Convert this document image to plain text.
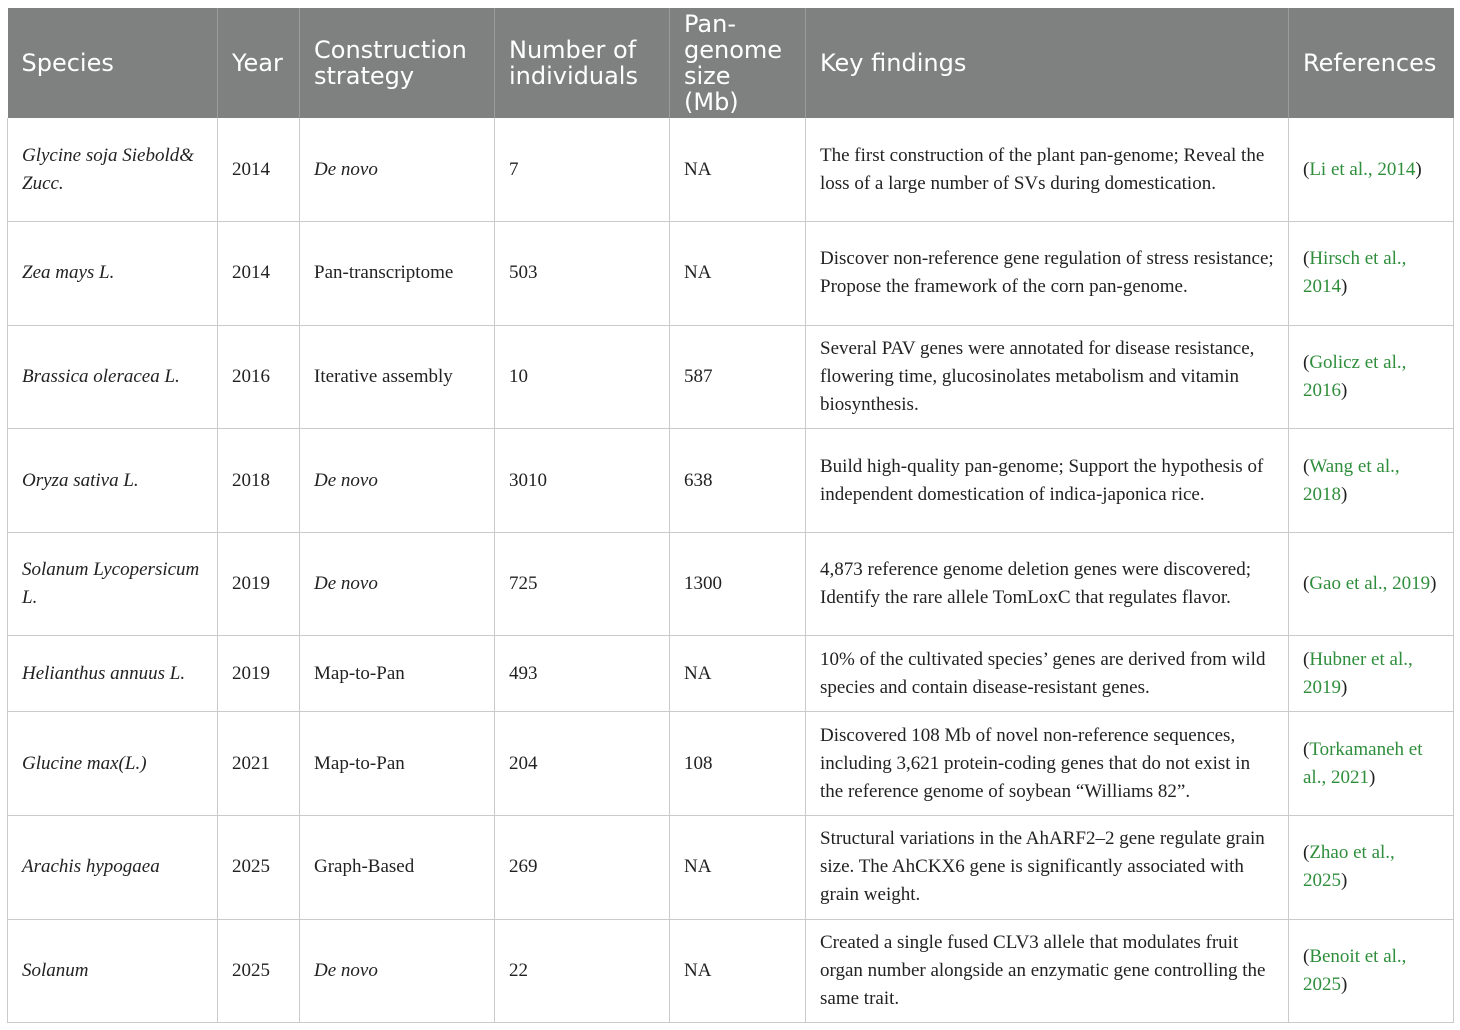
Species	Year	Construction strategy	Number of individuals	Pan-genome size (Mb)	Key findings	References
Glycine soja Siebold& Zucc.	2014	De novo	7	NA	The first construction of the plant pan-genome; Reveal the loss of a large number of SVs during domestication.	(Li et al., 2014)
Zea mays L.	2014	Pan-transcriptome	503	NA	Discover non-reference gene regulation of stress resistance; Propose the framework of the corn pan-genome.	(Hirsch et al., 2014)
Brassica oleracea L.	2016	Iterative assembly	10	587	Several PAV genes were annotated for disease resistance, flowering time, glucosinolates metabolism and vitamin biosynthesis.	(Golicz et al., 2016)
Oryza sativa L.	2018	De novo	3010	638	Build high-quality pan-genome; Support the hypothesis of independent domestication of indica-japonica rice.	(Wang et al., 2018)
Solanum Lycopersicum L.	2019	De novo	725	1300	4,873 reference genome deletion genes were discovered; Identify the rare allele TomLoxC that regulates flavor.	(Gao et al., 2019)
Helianthus annuus L.	2019	Map-to-Pan	493	NA	10% of the cultivated species’ genes are derived from wild species and contain disease-resistant genes.	(Hubner et al., 2019)
Glucine max(L.)	2021	Map-to-Pan	204	108	Discovered 108 Mb of novel non-reference sequences, including 3,621 protein-coding genes that do not exist in the reference genome of soybean “Williams 82”.	(Torkamaneh et al., 2021)
Arachis hypogaea	2025	Graph-Based	269	NA	Structural variations in the AhARF2–2 gene regulate grain size. The AhCKX6 gene is significantly associated with grain weight.	(Zhao et al., 2025)
Solanum	2025	De novo	22	NA	Created a single fused CLV3 allele that modulates fruit organ number alongside an enzymatic gene controlling the same trait.	(Benoit et al., 2025)
